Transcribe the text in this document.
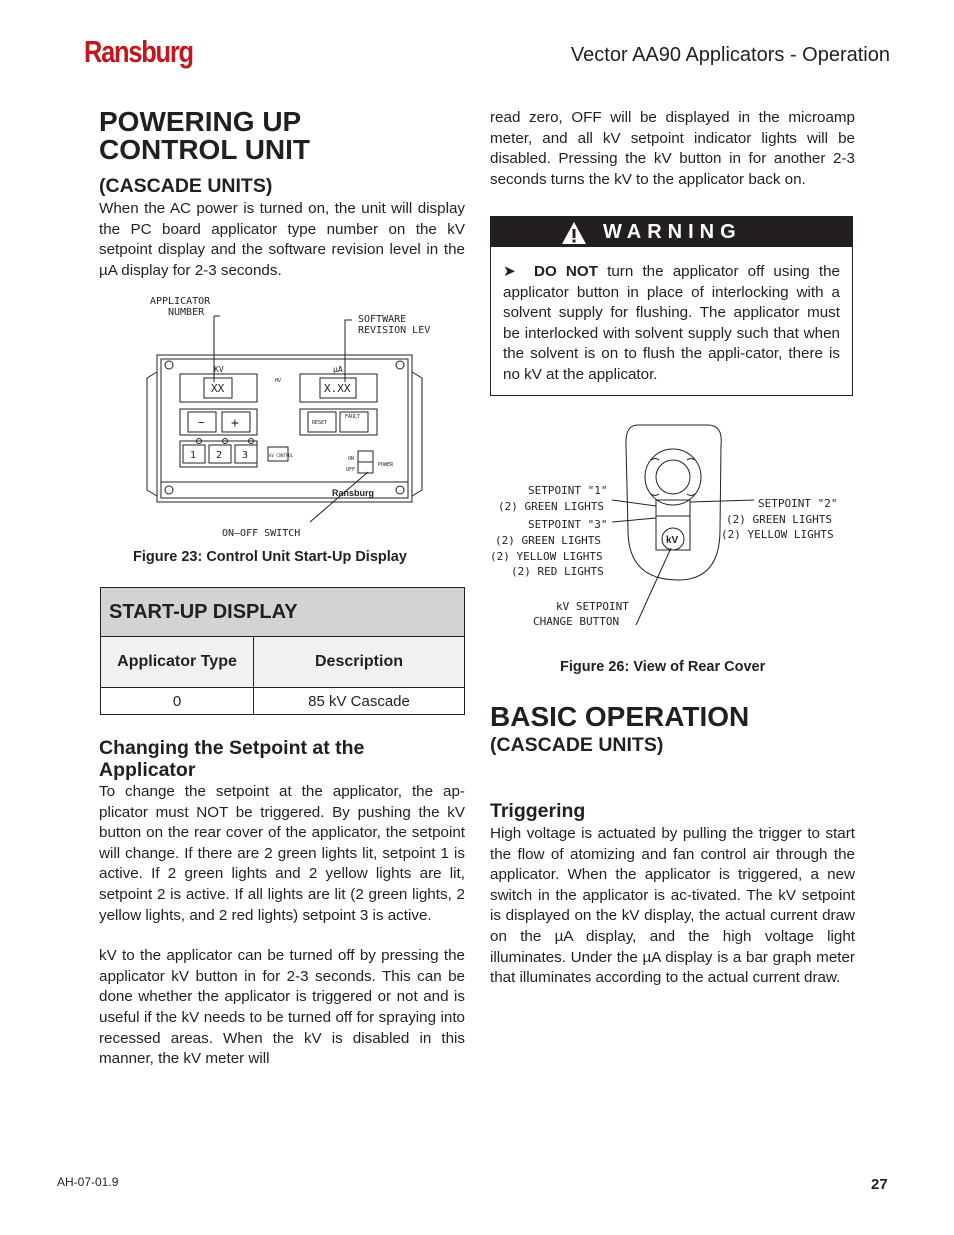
Ransburg	Vector AA90 Applicators - Operation
POWERING UP
CONTROL UNIT
(CASCADE UNITS)

When the AC power is turned on, the unit will display the PC board applicator type number on the kV setpoint display and the software revision level in the µA display for 2-3 seconds.

APPLICATOR
NUMBER
SOFTWARE
REVISION LEV
ON—OFF SWITCH
KV	µA
XX	X.XX
HV
− +	RESET
FAULT
1 2 3	kV CONTROL
ON
OFF
POWER
Ransburg
Figure 23: Control Unit Start-Up Display
START-UP DISPLAY	
Applicator Type	Description
0	85 kV Cascade
Changing the Setpoint at the
Applicator

To change the setpoint at the applicator, the ap-plicator must NOT be triggered. By pushing the kV button on the rear cover of the applicator, the setpoint will change. If there are 2 green lights lit, setpoint 1 is active. If 2 green lights and 2 yellow lights are lit, setpoint 2 is active. If all lights are lit (2 green lights, 2 yellow lights, and 2 red lights) setpoint 3 is active.

kV to the applicator can be turned off by pressing the applicator kV button in for 2-3 seconds. This can be done whether the applicator is triggered or not and is useful if the kV needs to be turned off for spraying into recessed areas. When the kV is disabled in this manner, the kV meter will

read zero, OFF will be displayed in the microamp meter, and all kV setpoint indicator lights will be disabled. Pressing the kV button in for another 2-3 seconds turns the kV to the applicator back on.

WARNING
➤  DO NOT turn the applicator off using the applicator button in place of interlocking with a solvent supply for flushing. The applicator must be interlocked with solvent supply such that when the solvent is on to flush the appli-cator, there is no kV at the applicator.
SETPOINT "1"
(2) GREEN LIGHTS
SETPOINT "3"
(2) GREEN LIGHTS
(2) YELLOW LIGHTS
(2) RED LIGHTS
SETPOINT "2"
(2) GREEN LIGHTS
(2) YELLOW LIGHTS
kV SETPOINT
CHANGE BUTTON
kV
Figure 26: View of Rear Cover
BASIC OPERATION
(CASCADE UNITS)
Triggering

High voltage is actuated by pulling the trigger to start the flow of atomizing and fan control air through the applicator. When the applicator is triggered, a new switch in the applicator is ac-tivated. The kV setpoint is displayed on the kV display, the actual current draw on the µA display, and the high voltage light illuminates. Under the µA display is a bar graph meter that illuminates according to the actual current draw.

AH-07-01.9	27
